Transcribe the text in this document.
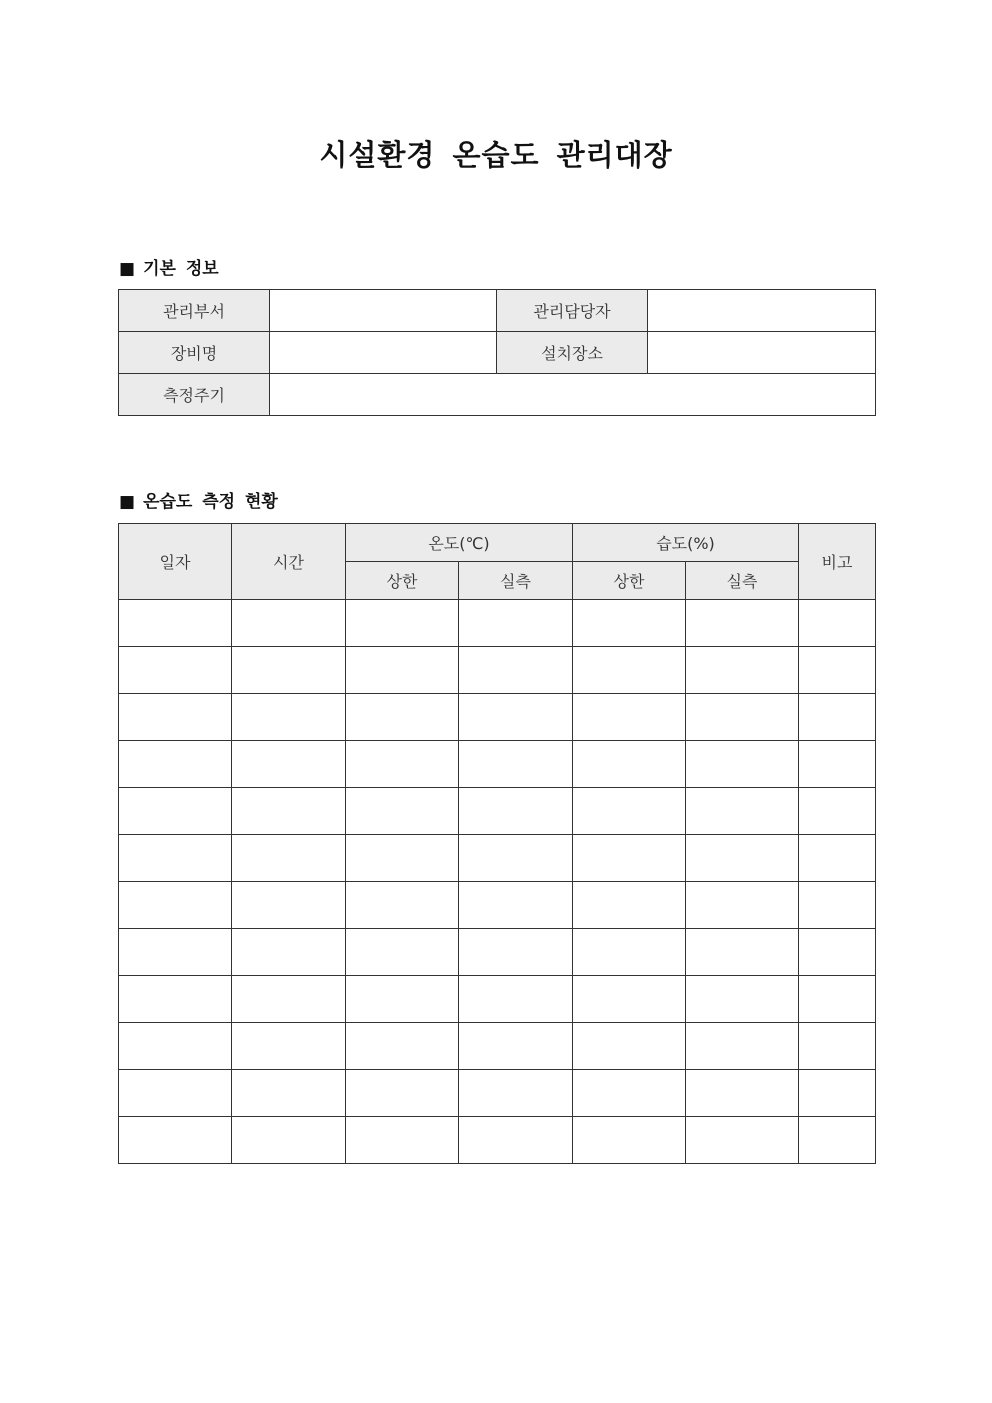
시설환경 온습도 관리대장
■ 기본 정보
관리부서		관리담당자	
장비명		설치장소	
측정주기			
■ 온습도 측정 현황
일자	시간	온도(℃)		습도(%)		비고
		상한	실측	상한	실측	
